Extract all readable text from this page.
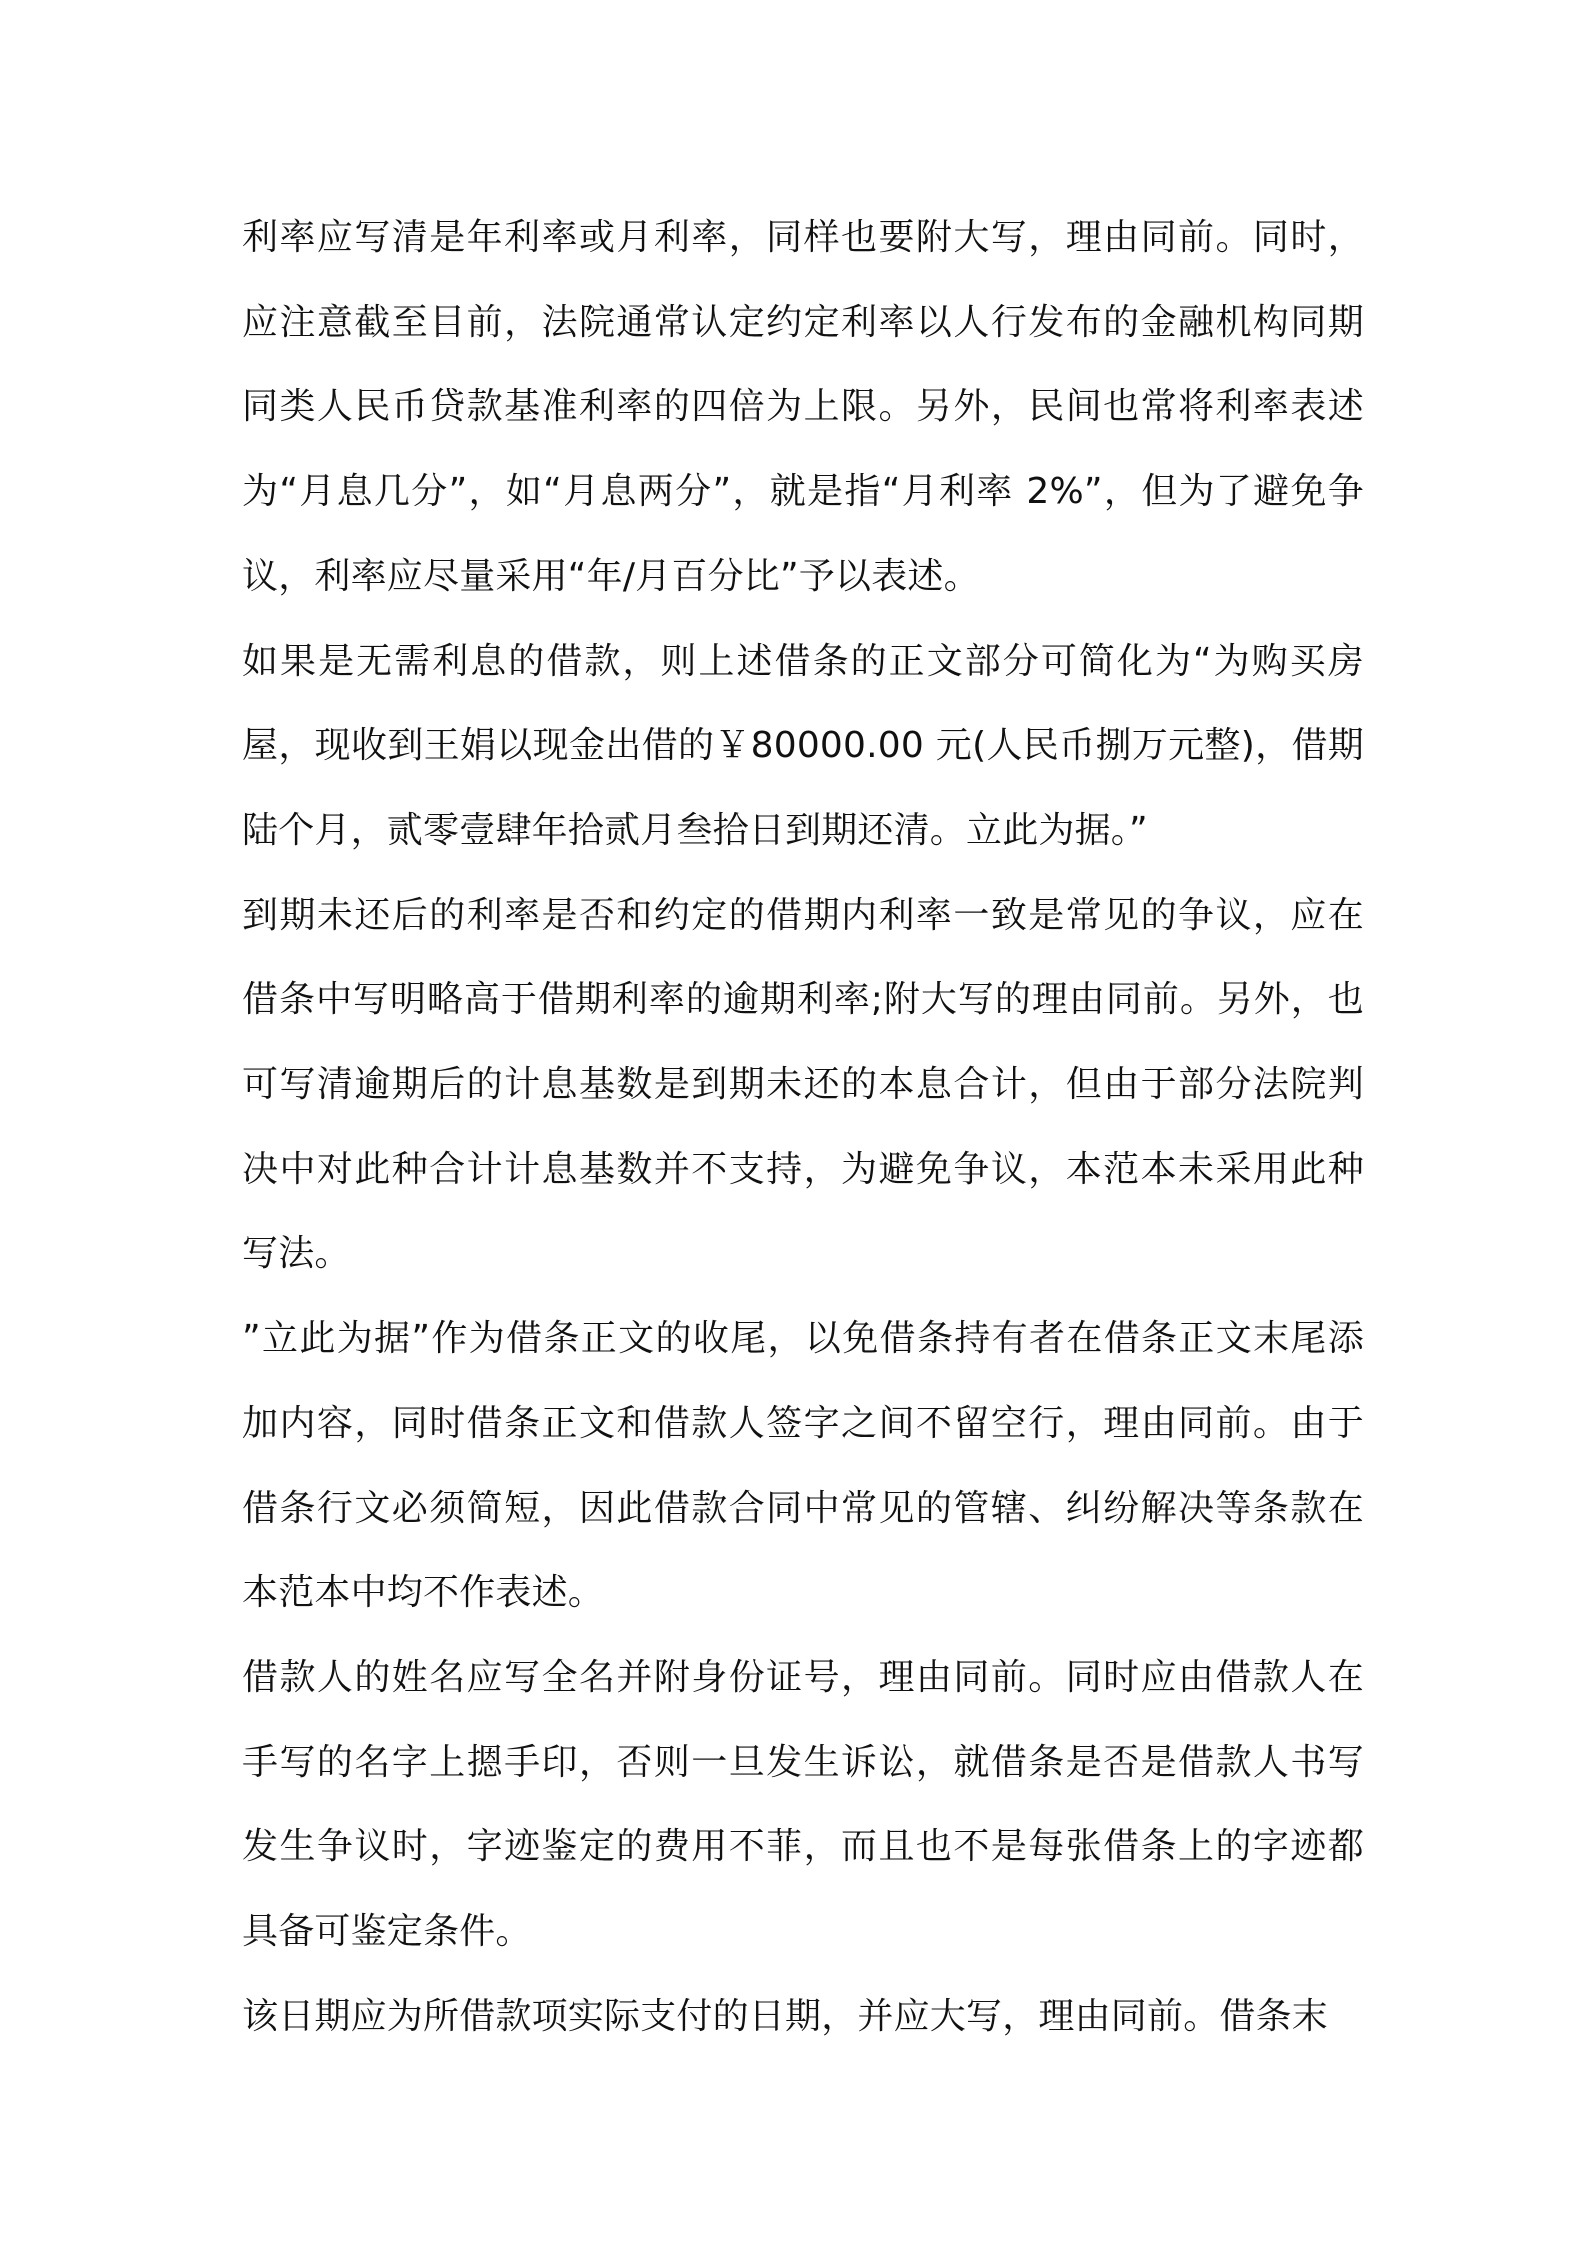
利率应写清是年利率或月利率，同样也要附大写，理由同前。同时，应注意截至目前，法院通常认定约定利率以人行发布的金融机构同期同类人民币贷款基准利率的四倍为上限。另外，民间也常将利率表述为“月息几分”，如“月息两分”，就是指“月利率 2%”，但为了避免争议，利率应尽量采用“年/月百分比”予以表述。

如果是无需利息的借款，则上述借条的正文部分可简化为“为购买房屋，现收到王娟以现金出借的￥80000.00 元(人民币捌万元整)，借期陆个月，贰零壹肆年拾贰月叁拾日到期还清。立此为据。”

到期未还后的利率是否和约定的借期内利率一致是常见的争议，应在借条中写明略高于借期利率的逾期利率;附大写的理由同前。另外，也可写清逾期后的计息基数是到期未还的本息合计，但由于部分法院判决中对此种合计计息基数并不支持，为避免争议，本范本未采用此种写法。

”立此为据”作为借条正文的收尾，以免借条持有者在借条正文末尾添加内容，同时借条正文和借款人签字之间不留空行，理由同前。由于借条行文必须简短，因此借款合同中常见的管辖、纠纷解决等条款在本范本中均不作表述。

借款人的姓名应写全名并附身份证号，理由同前。同时应由借款人在手写的名字上摁手印，否则一旦发生诉讼，就借条是否是借款人书写发生争议时，字迹鉴定的费用不菲，而且也不是每张借条上的字迹都具备可鉴定条件。

该日期应为所借款项实际支付的日期，并应大写，理由同前。借条末
